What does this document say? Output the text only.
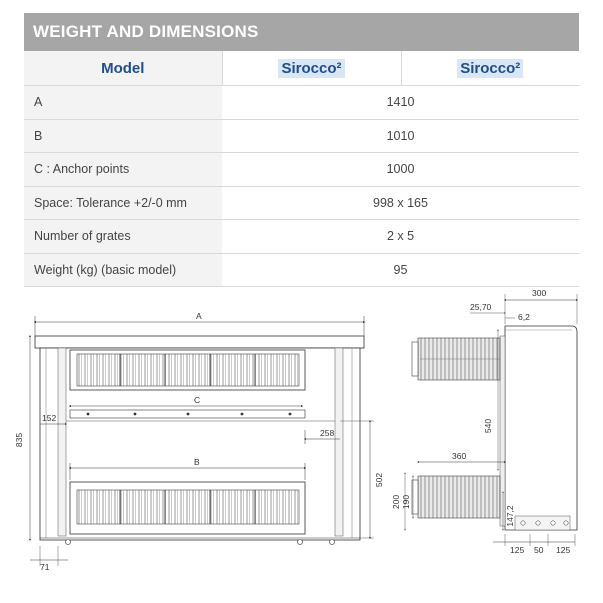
WEIGHT AND DIMENSIONS
Model	Sirocco²	Sirocco²
A	1410	
B	1010	
C : Anchor points	1000	
Space: Tolerance +2/-0 mm	998 x 165	
Number of grates	2 x 5	
Weight (kg) (basic model)	95	
A
C
152
258
B
835
502
71
300
25,70
6,2
540
360
200 190
147,2
125 50 125
